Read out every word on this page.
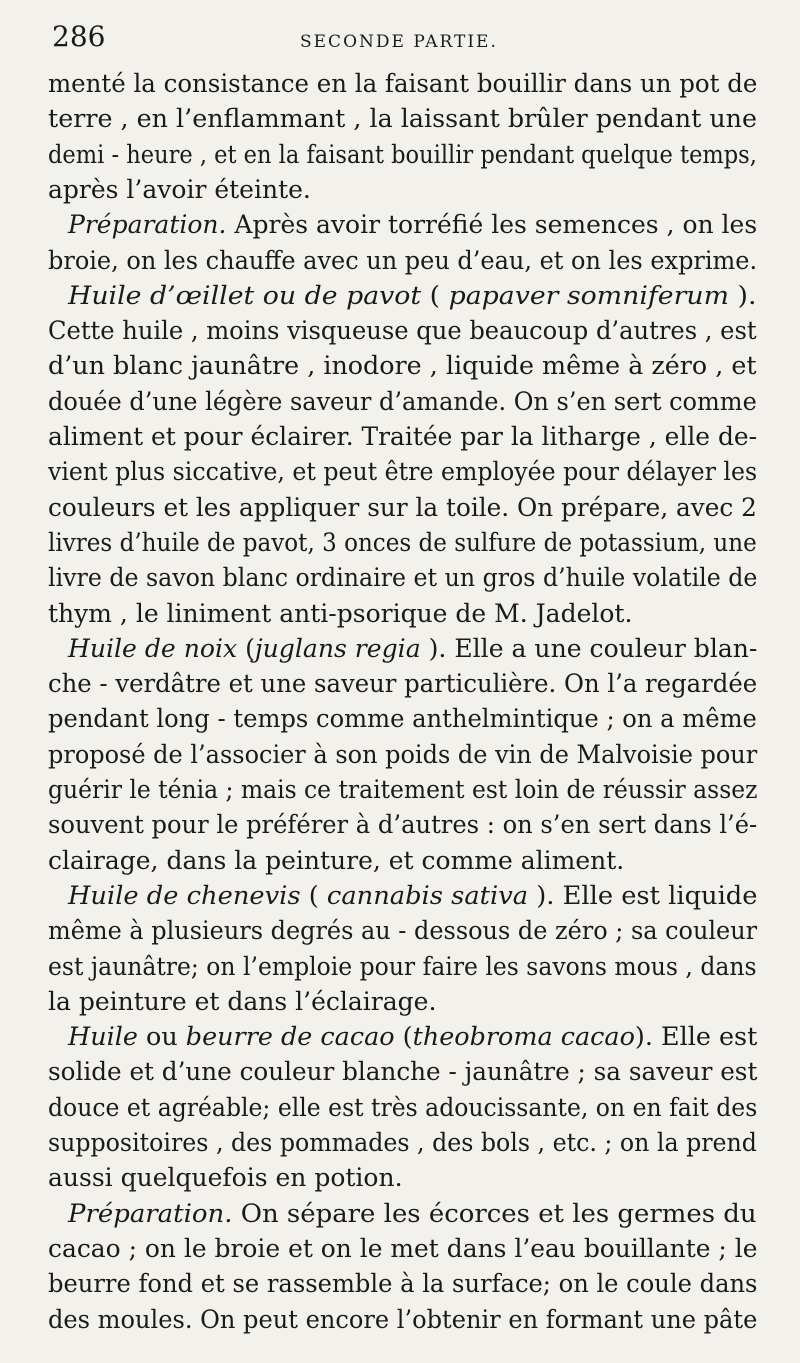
286	SECONDE PARTIE.
menté la consistance en la faisant bouillir dans un pot de
terre , en l’enflammant , la laissant brûler pendant une
demi - heure , et en la faisant bouillir pendant quelque temps,
après l’avoir éteinte.
Préparation. Après avoir torréfié les semences , on les
broie, on les chauffe avec un peu d’eau, et on les exprime.
Huile d’œillet ou de pavot ( papaver somniferum ).
Cette huile , moins visqueuse que beaucoup d’autres , est
d’un blanc jaunâtre , inodore , liquide même à zéro , et
douée d’une légère saveur d’amande. On s’en sert comme
aliment et pour éclairer. Traitée par la litharge , elle de-
vient plus siccative, et peut être employée pour délayer les
couleurs et les appliquer sur la toile. On prépare, avec 2
livres d’huile de pavot, 3 onces de sulfure de potassium, une
livre de savon blanc ordinaire et un gros d’huile volatile de
thym , le liniment anti-psorique de M. Jadelot.
Huile de noix (juglans regia ). Elle a une couleur blan-
che - verdâtre et une saveur particulière. On l’a regardée
pendant long - temps comme anthelmintique ; on a même
proposé de l’associer à son poids de vin de Malvoisie pour
guérir le ténia ; mais ce traitement est loin de réussir assez
souvent pour le préférer à d’autres : on s’en sert dans l’é-
clairage, dans la peinture, et comme aliment.
Huile de chenevis ( cannabis sativa ). Elle est liquide
même à plusieurs degrés au - dessous de zéro ; sa couleur
est jaunâtre; on l’emploie pour faire les savons mous , dans
la peinture et dans l’éclairage.
Huile ou beurre de cacao (theobroma cacao). Elle est
solide et d’une couleur blanche - jaunâtre ; sa saveur est
douce et agréable; elle est très adoucissante, on en fait des
suppositoires , des pommades , des bols , etc. ; on la prend
aussi quelquefois en potion.
Préparation. On sépare les écorces et les germes du
cacao ; on le broie et on le met dans l’eau bouillante ; le
beurre fond et se rassemble à la surface; on le coule dans
des moules. On peut encore l’obtenir en formant une pâte
